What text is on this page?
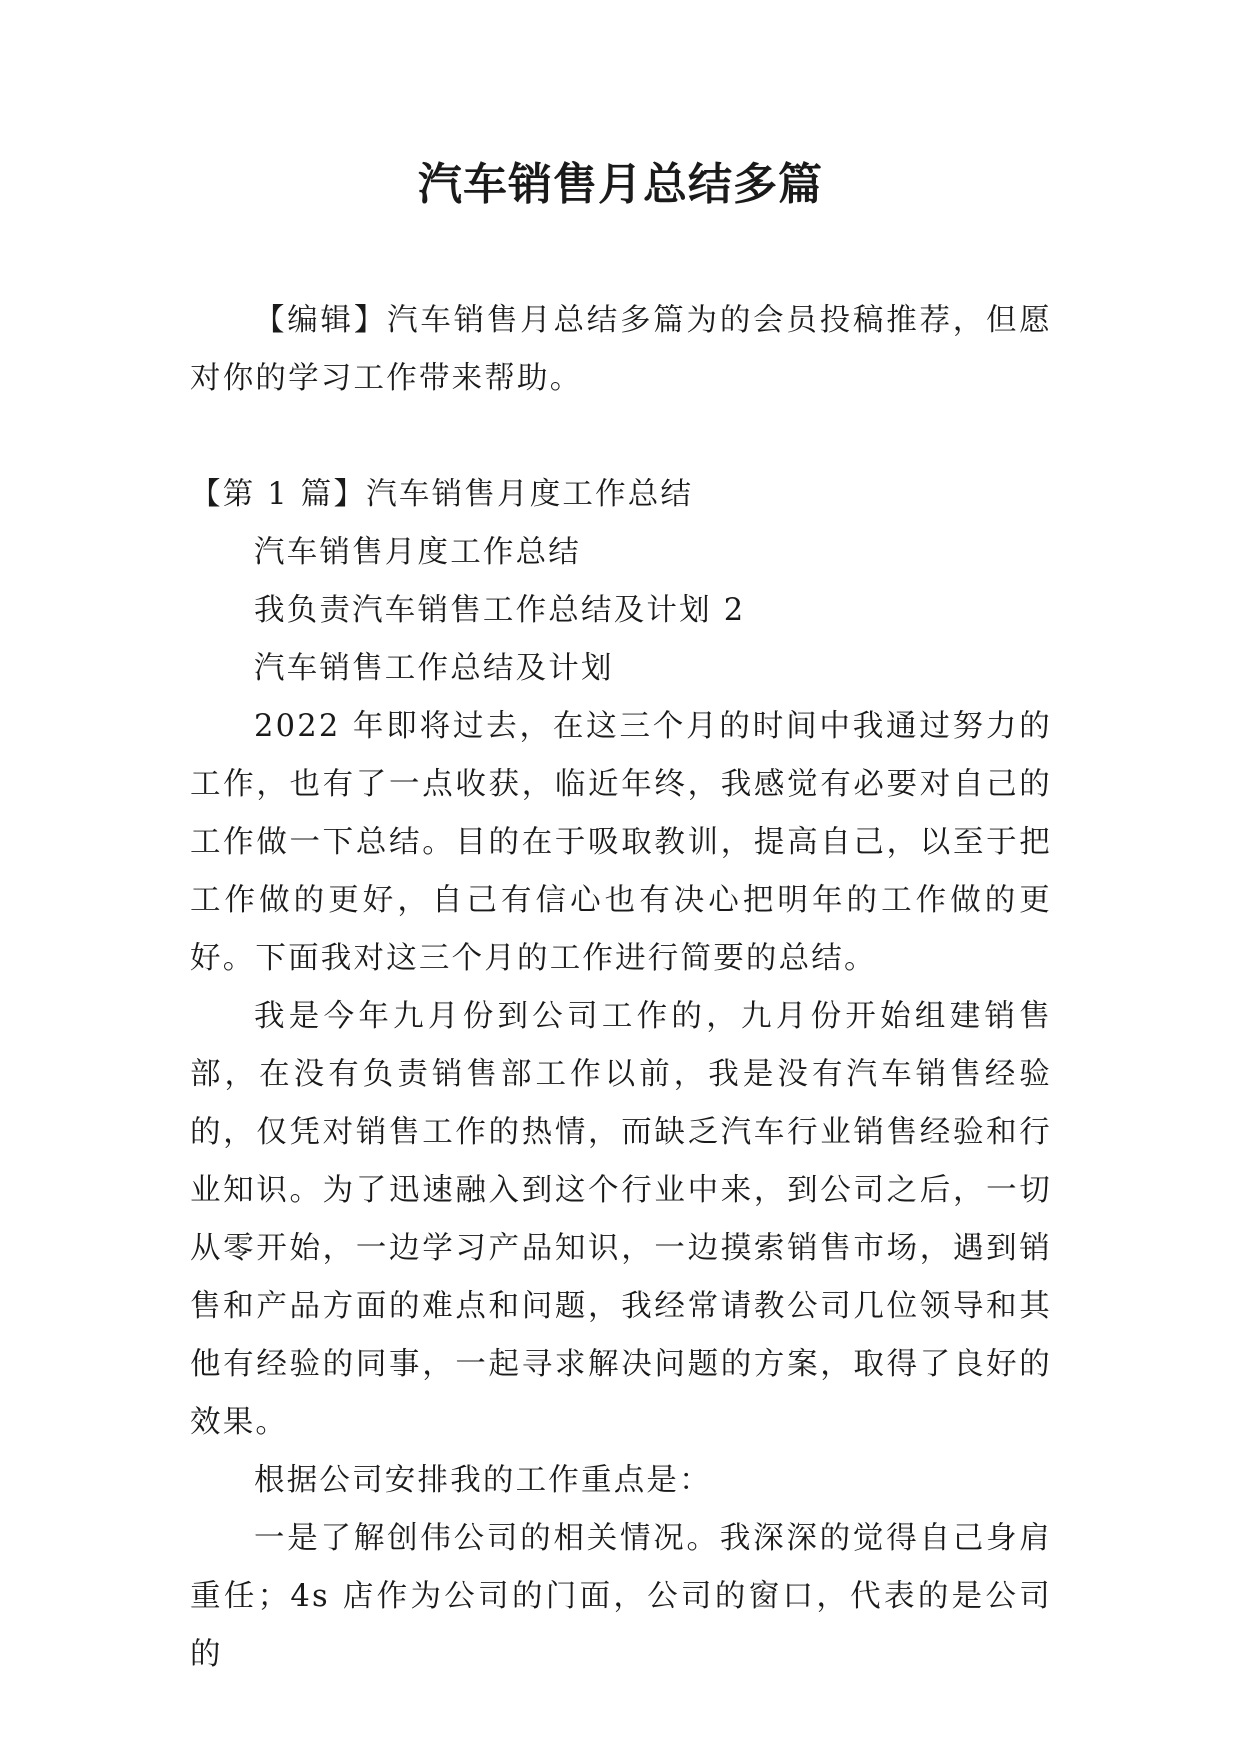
汽车销售月总结多篇

【编辑】汽车销售月总结多篇为的会员投稿推荐，但愿对你的学习工作带来帮助。

【第 1 篇】汽车销售月度工作总结

汽车销售月度工作总结

我负责汽车销售工作总结及计划 2

汽车销售工作总结及计划

2022 年即将过去，在这三个月的时间中我通过努力的工作，也有了一点收获，临近年终，我感觉有必要对自己的工作做一下总结。目的在于吸取教训，提高自己，以至于把工作做的更好，自己有信心也有决心把明年的工作做的更好。下面我对这三个月的工作进行简要的总结。

我是今年九月份到公司工作的，九月份开始组建销售部，在没有负责销售部工作以前，我是没有汽车销售经验的，仅凭对销售工作的热情，而缺乏汽车行业销售经验和行业知识。为了迅速融入到这个行业中来，到公司之后，一切从零开始，一边学习产品知识，一边摸索销售市场，遇到销售和产品方面的难点和问题，我经常请教公司几位领导和其他有经验的同事，一起寻求解决问题的方案，取得了良好的效果。

根据公司安排我的工作重点是：

一是了解创伟公司的相关情况。我深深的觉得自己身肩重任；4s 店作为公司的门面，公司的窗口，代表的是公司的
